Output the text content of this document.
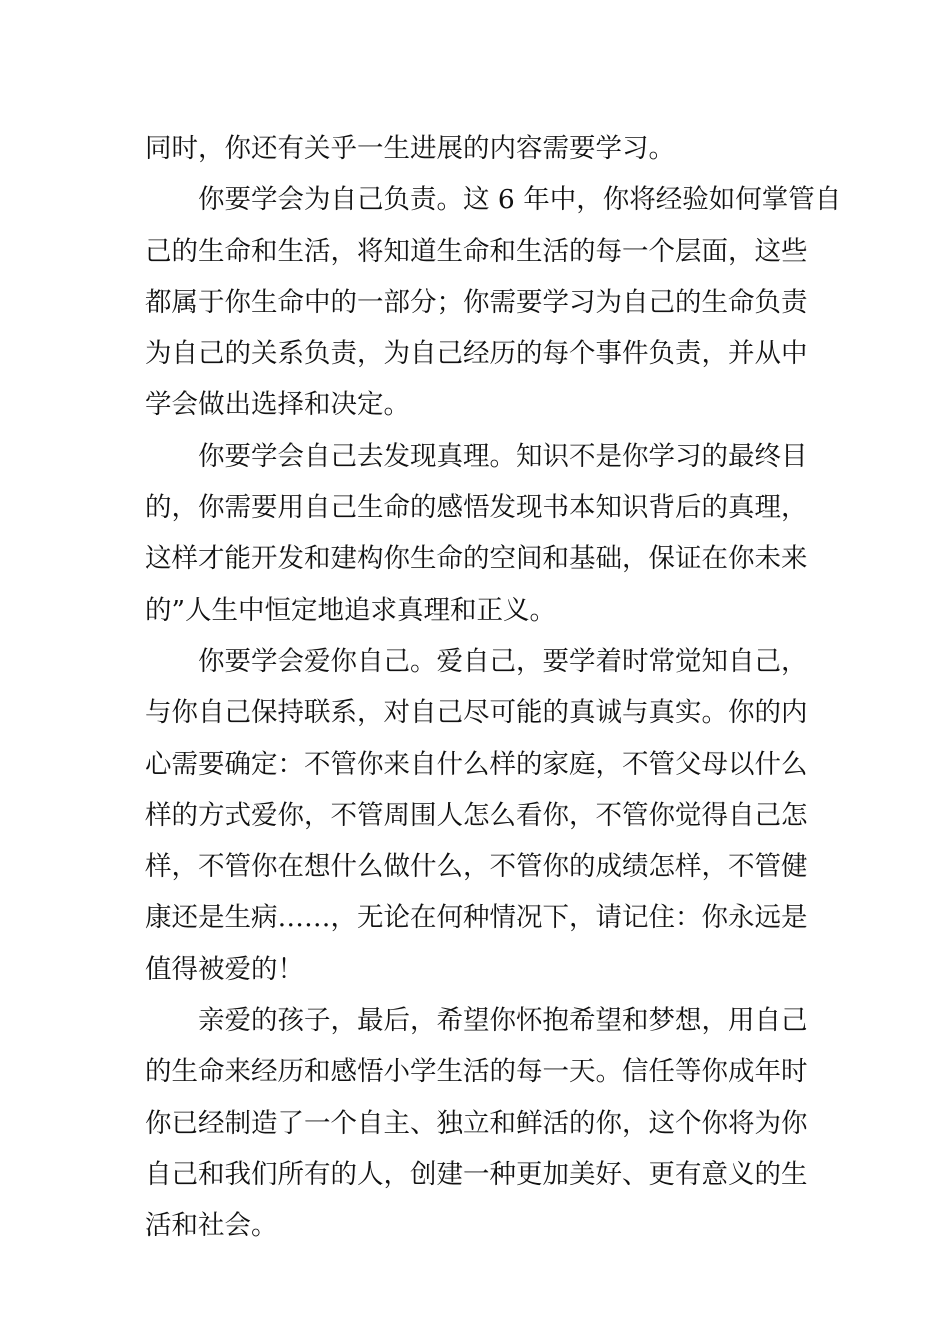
同时，你还有关乎一生进展的内容需要学习。
你要学会为自己负责。这 6 年中，你将经验如何掌管自
己的生命和生活，将知道生命和生活的每一个层面，这些
都属于你生命中的一部分；你需要学习为自己的生命负责
为自己的关系负责，为自己经历的每个事件负责，并从中
学会做出选择和决定。
你要学会自己去发现真理。知识不是你学习的最终目
的，你需要用自己生命的感悟发现书本知识背后的真理，
这样才能开发和建构你生命的空间和基础，保证在你未来
的”人生中恒定地追求真理和正义。
你要学会爱你自己。爱自己，要学着时常觉知自己，
与你自己保持联系，对自己尽可能的真诚与真实。你的内
心需要确定：不管你来自什么样的家庭，不管父母以什么
样的方式爱你，不管周围人怎么看你，不管你觉得自己怎
样，不管你在想什么做什么，不管你的成绩怎样，不管健
康还是生病……，无论在何种情况下，请记住：你永远是
值得被爱的！
亲爱的孩子，最后，希望你怀抱希望和梦想，用自己
的生命来经历和感悟小学生活的每一天。信任等你成年时
你已经制造了一个自主、独立和鲜活的你，这个你将为你
自己和我们所有的人，创建一种更加美好、更有意义的生
活和社会。
